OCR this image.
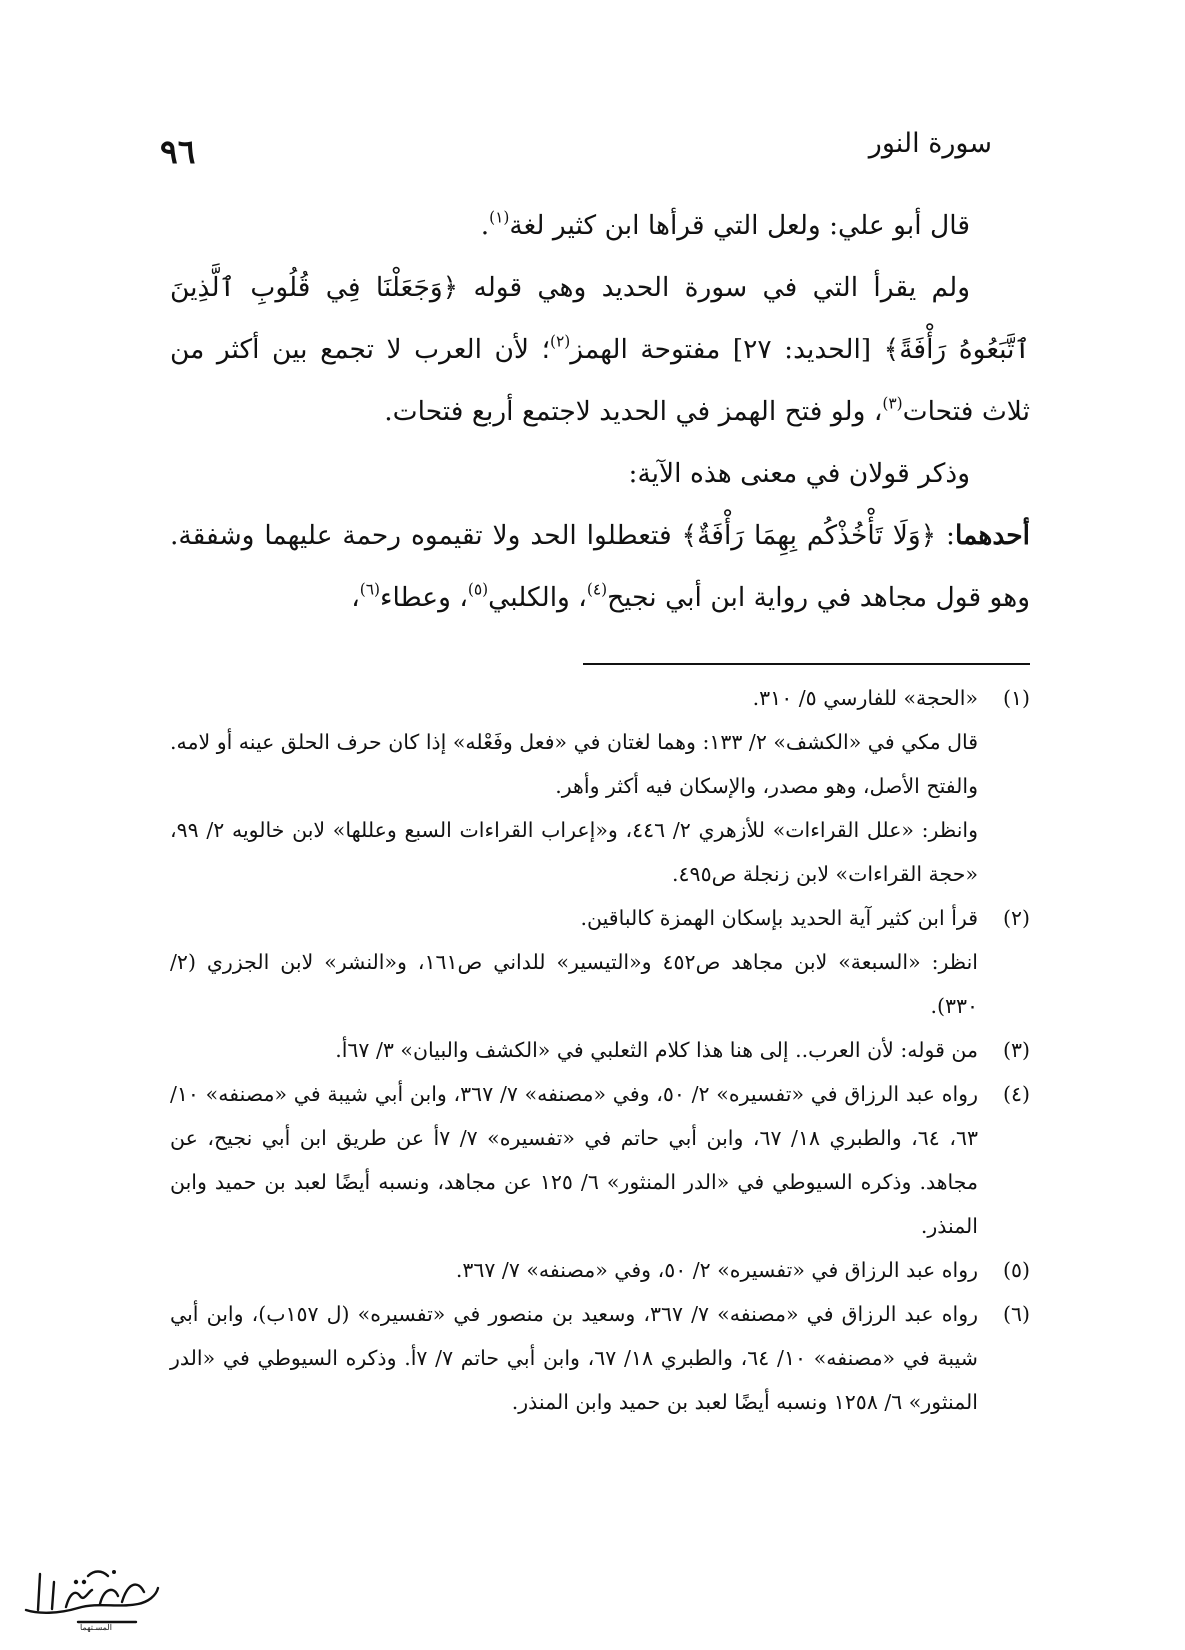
٩٦	سورة النور

قال أبو علي: ولعل التي قرأها ابن كثير لغة$^{(١)}$.

ولم يقرأ التي في سورة الحديد وهي قوله ﴿وَجَعَلْنَا فِي قُلُوبِ ٱلَّذِينَ ٱتَّبَعُوهُ رَأْفَةً﴾ [الحديد: ٢٧] مفتوحة الهمز$^{(٢)}$؛ لأن العرب لا تجمع بين أكثر من ثلاث فتحات$^{(٣)}$، ولو فتح الهمز في الحديد لاجتمع أربع فتحات.

وذكر قولان في معنى هذه الآية:

أحدهما: ﴿وَلَا تَأْخُذْكُم بِهِمَا رَأْفَةٌ﴾ فتعطلوا الحد ولا تقيموه رحمة عليهما وشفقة. وهو قول مجاهد في رواية ابن أبي نجيح$^{(٤)}$، والكلبي$^{(٥)}$، وعطاء$^{(٦)}$،

(١)
«الحجة» للفارسي ٥/ ٣١٠.
قال مكي في «الكشف» ٢/ ١٣٣: وهما لغتان في «فعل وفَعْله» إذا كان حرف الحلق عينه أو لامه. والفتح الأصل، وهو مصدر، والإسكان فيه أكثر وأهر.
وانظر: «علل القراءات» للأزهري ٢/ ٤٤٦، و«إعراب القراءات السبع وعللها» لابن خالويه ٢/ ٩٩، «حجة القراءات» لابن زنجلة ص٤٩٥.
(٢)
قرأ ابن كثير آية الحديد بإسكان الهمزة كالباقين.
انظر: «السبعة» لابن مجاهد ص٤٥٢ و«التيسير» للداني ص١٦١، و«النشر» لابن الجزري (٢/ ٣٣٠).
(٣)
من قوله: لأن العرب.. إلى هنا هذا كلام الثعلبي في «الكشف والبيان» ٣/ ٦٧أ.
(٤)
رواه عبد الرزاق في «تفسيره» ٢/ ٥٠، وفي «مصنفه» ٧/ ٣٦٧، وابن أبي شيبة في «مصنفه» ١٠/ ٦٣، ٦٤، والطبري ١٨/ ٦٧، وابن أبي حاتم في «تفسيره» ٧/ ٧أ عن طريق ابن أبي نجيح، عن مجاهد. وذكره السيوطي في «الدر المنثور» ٦/ ١٢٥ عن مجاهد، ونسبه أيضًا لعبد بن حميد وابن المنذر.
(٥)
رواه عبد الرزاق في «تفسيره» ٢/ ٥٠، وفي «مصنفه» ٧/ ٣٦٧.
(٦)
رواه عبد الرزاق في «مصنفه» ٧/ ٣٦٧، وسعيد بن منصور في «تفسيره» (ل ١٥٧ب)، وابن أبي شيبة في «مصنفه» ١٠/ ٦٤، والطبري ١٨/ ٦٧، وابن أبي حاتم ٧/ ٧أ. وذكره السيوطي في «الدر المنثور» ٦/ ١٢٥٨ ونسبه أيضًا لعبد بن حميد وابن المنذر.
المسـتهما
